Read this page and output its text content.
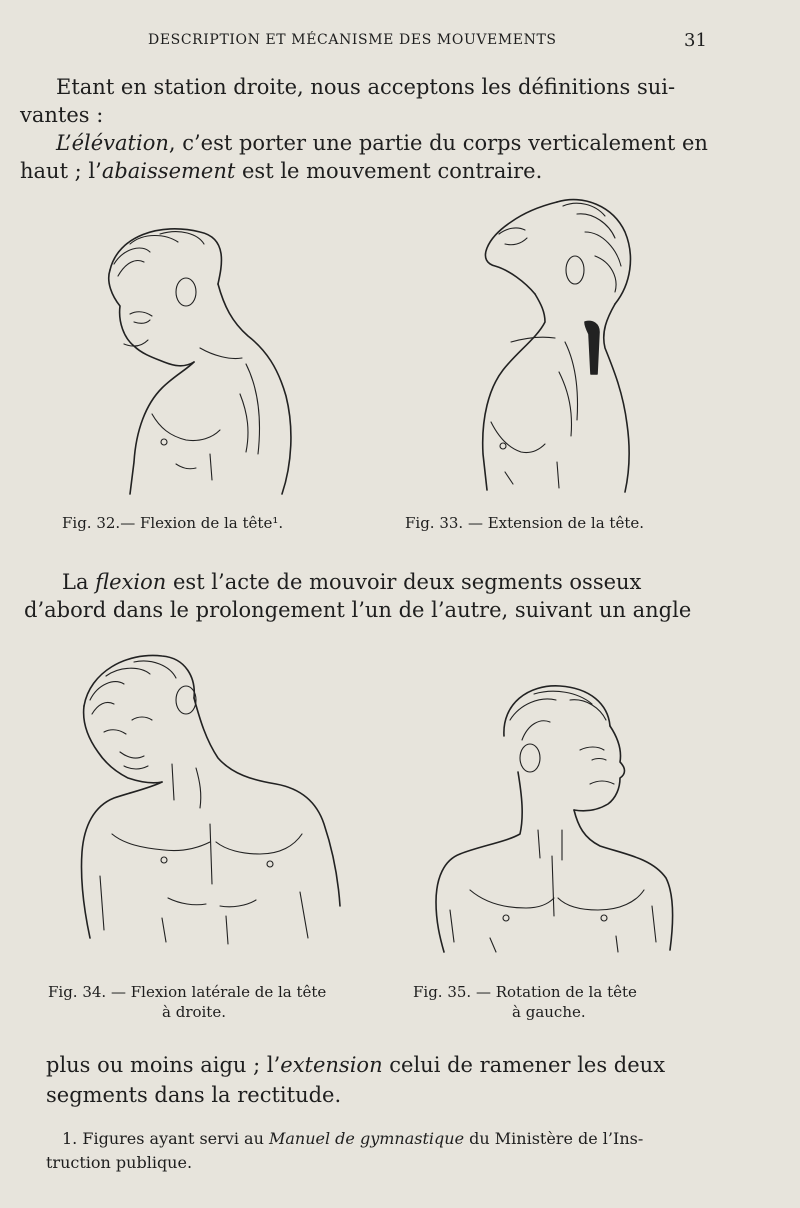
DESCRIPTION ET MÉCANISME DES MOUVEMENTS	31
Etant en station droite, nous acceptons les définitions sui-
vantes :
L’élévation, c’est porter une partie du corps verticalement en
haut ; l’abaissement est le mouvement contraire.
Fig. 32.— Flexion de la tête¹.	Fig. 33. — Extension de la tête.
La flexion est l’acte de mouvoir deux segments osseux
d’abord dans le prolongement l’un de l’autre, suivant un angle
Fig. 34. — Flexion latérale de la tête
à droite.
Fig. 35. — Rotation de la tête
à gauche.
plus ou moins aigu ; l’extension celui de ramener les deux
segments dans la rectitude.
1. Figures ayant servi au Manuel de gymnastique du Ministère de l’Ins-
truction publique.
